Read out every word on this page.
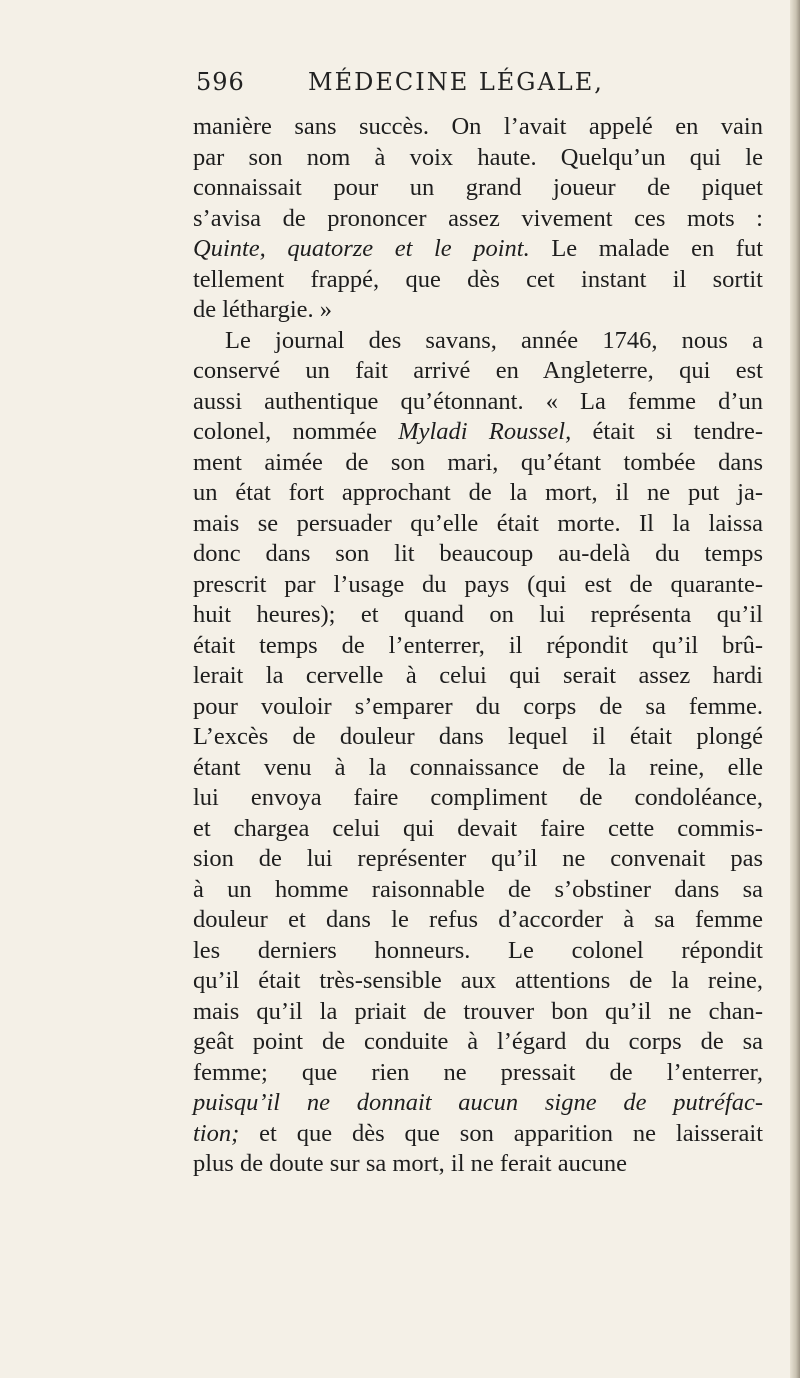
596	MÉDECINE LÉGALE,
manière sans succès. On l’avait appelé en vain
par son nom à voix haute. Quelqu’un qui le
connaissait pour un grand joueur de piquet
s’avisa de prononcer assez vivement ces mots :
Quinte, quatorze et le point. Le malade en fut
tellement frappé, que dès cet instant il sortit
de léthargie. »
Le journal des savans, année 1746, nous a
conservé un fait arrivé en Angleterre, qui est
aussi authentique qu’étonnant. « La femme d’un
colonel, nommée Myladi Roussel, était si tendre-
ment aimée de son mari, qu’étant tombée dans
un état fort approchant de la mort, il ne put ja-
mais se persuader qu’elle était morte. Il la laissa
donc dans son lit beaucoup au-delà du temps
prescrit par l’usage du pays (qui est de quarante-
huit heures); et quand on lui représenta qu’il
était temps de l’enterrer, il répondit qu’il brû-
lerait la cervelle à celui qui serait assez hardi
pour vouloir s’emparer du corps de sa femme.
L’excès de douleur dans lequel il était plongé
étant venu à la connaissance de la reine, elle
lui envoya faire compliment de condoléance,
et chargea celui qui devait faire cette commis-
sion de lui représenter qu’il ne convenait pas
à un homme raisonnable de s’obstiner dans sa
douleur et dans le refus d’accorder à sa femme
les derniers honneurs. Le colonel répondit
qu’il était très-sensible aux attentions de la reine,
mais qu’il la priait de trouver bon qu’il ne chan-
geât point de conduite à l’égard du corps de sa
femme; que rien ne pressait de l’enterrer,
puisqu’il ne donnait aucun signe de putréfac-
tion; et que dès que son apparition ne laisserait
plus de doute sur sa mort, il ne ferait aucune
